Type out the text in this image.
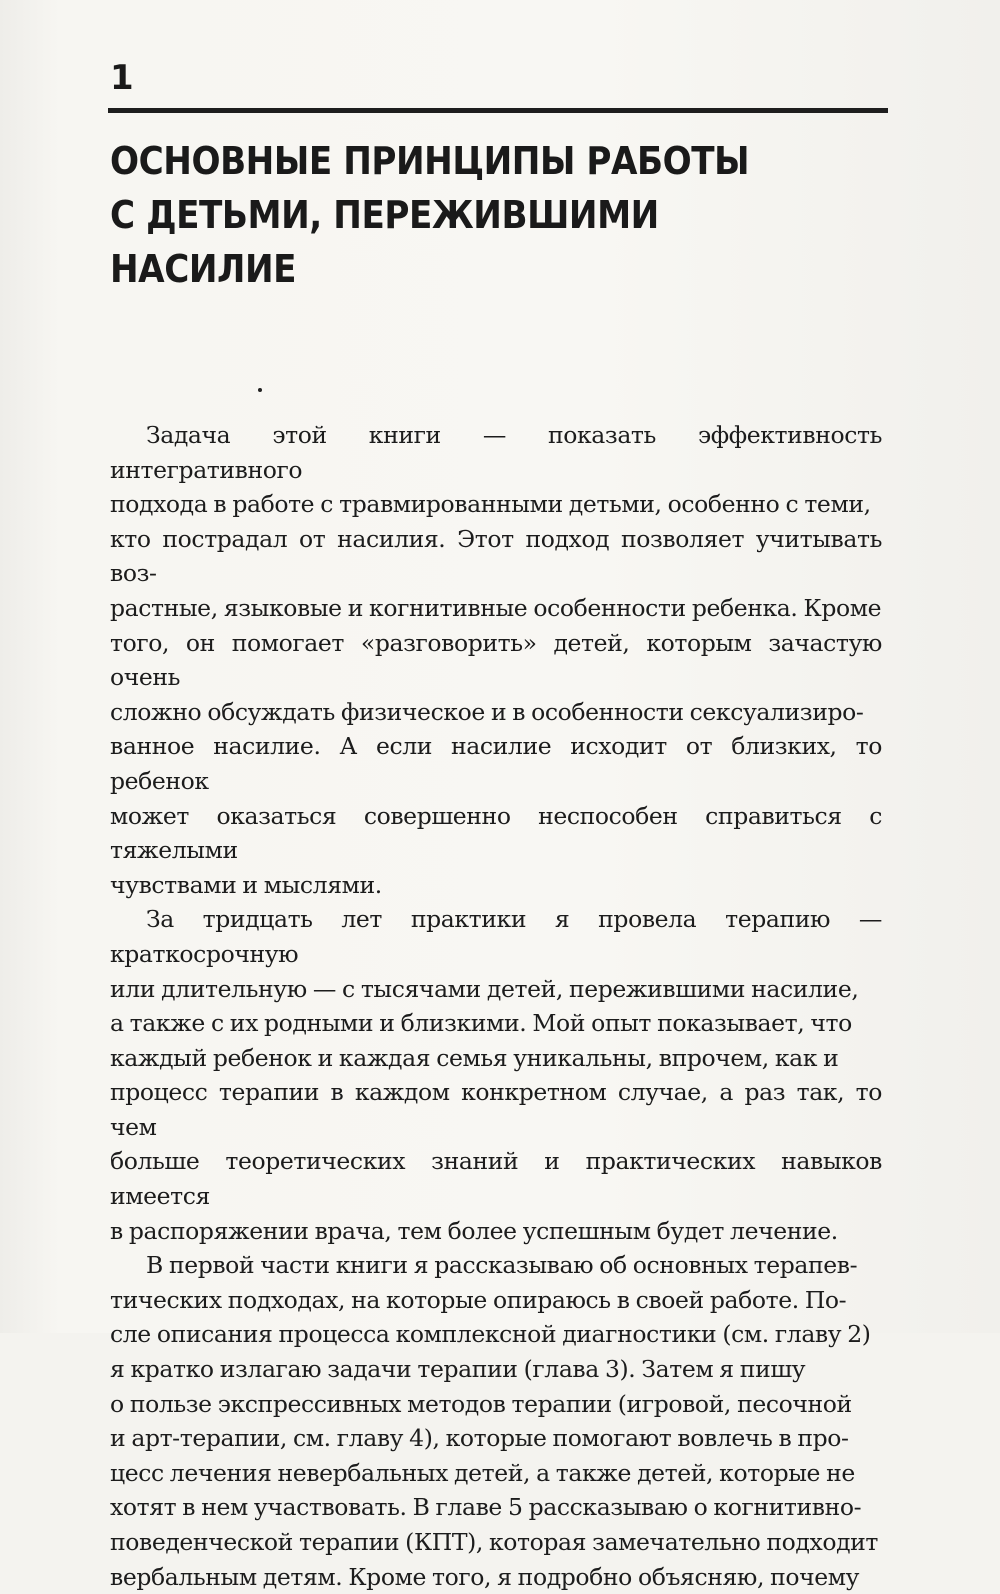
1
ОСНОВНЫЕ ПРИНЦИПЫ РАБОТЫ
С ДЕТЬМИ, ПЕРЕЖИВШИМИ НАСИЛИЕ

Задача этой книги — показать эффективность интегративного
подхода в работе с травмированными детьми, особенно с теми,
кто пострадал от насилия. Этот подход позволяет учитывать воз-
растные, языковые и когнитивные особенности ребенка. Кроме
того, он помогает «разговорить» детей, которым зачастую очень
сложно обсуждать физическое и в особенности сексуализиро-
ванное насилие. А если насилие исходит от близких, то ребенок
может оказаться совершенно неспособен справиться с тяжелыми
чувствами и мыслями.

За тридцать лет практики я провела терапию — краткосрочную
или длительную — с тысячами детей, пережившими насилие,
а также с их родными и близкими. Мой опыт показывает, что
каждый ребенок и каждая семья уникальны, впрочем, как и
процесс терапии в каждом конкретном случае, а раз так, то чем
больше теоретических знаний и практических навыков имеется
в распоряжении врача, тем более успешным будет лечение.

В первой части книги я рассказываю об основных терапев-
тических подходах, на которые опираюсь в своей работе. По-
сле описания процесса комплексной диагностики (см. главу 2)
я кратко излагаю задачи терапии (глава 3). Затем я пишу
о пользе экспрессивных методов терапии (игровой, песочной
и арт-терапии, см. главу 4), которые помогают вовлечь в про-
цесс лечения невербальных детей, а также детей, которые не
хотят в нем участвовать. В главе 5 рассказываю о когнитивно-
поведенческой терапии (КПТ), которая замечательно подходит
вербальным детям. Кроме того, я подробно объясняю, почему
